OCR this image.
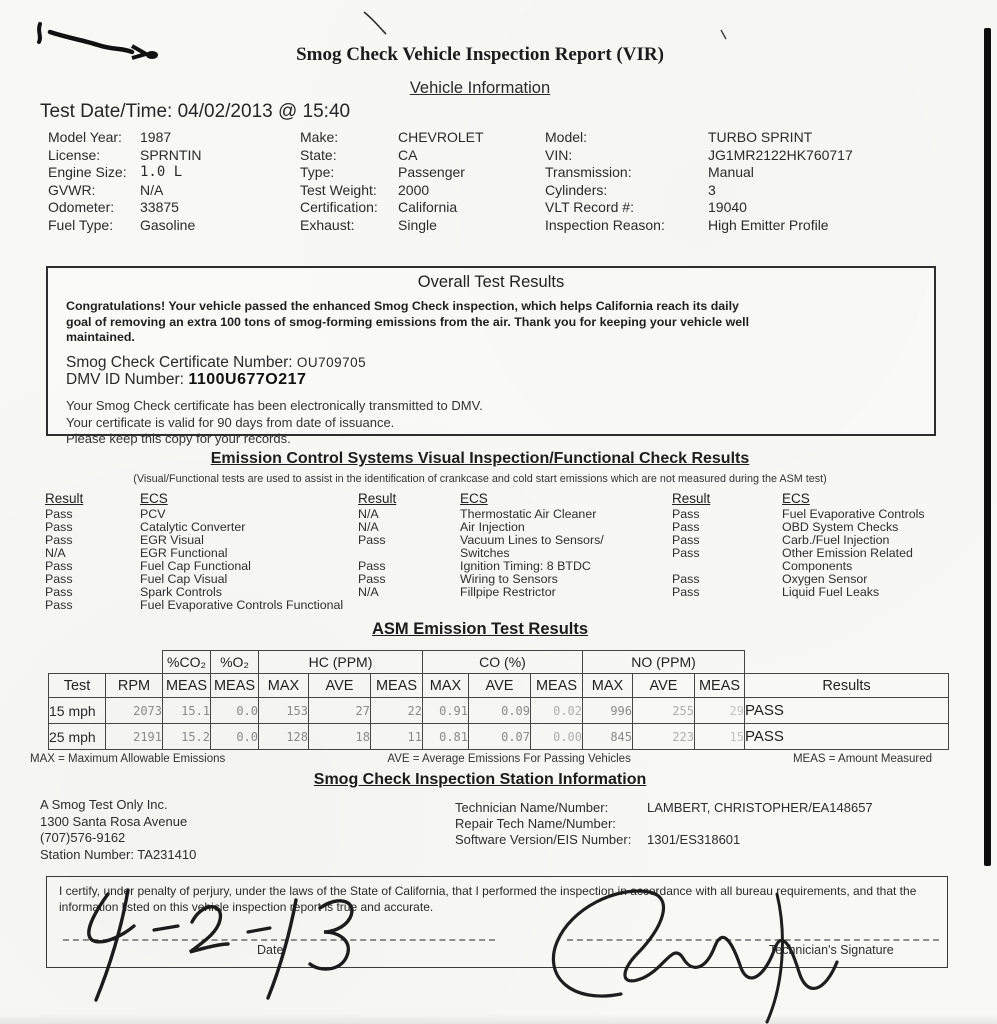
Smog Check Vehicle Inspection Report (VIR)
Vehicle Information
Test Date/Time: 04/02/2013 @ 15:40
Model Year:	1987
License:	SPRNTIN
Engine Size: 1.0 L
GVWR:	N/A
Odometer:	33875
Fuel Type:	Gasoline
Make:	CHEVROLET
State:	CA
Type:	Passenger
Test Weight:	2000
Certification:	California
Exhaust:	Single
Model:	TURBO SPRINT
VIN:	JG1MR2122HK760717
Transmission:	Manual
Cylinders:	3
VLT Record #:	19040
Inspection Reason:	High Emitter Profile
Overall Test Results
Congratulations! Your vehicle passed the enhanced Smog Check inspection, which helps California reach its daily goal of removing an extra 100 tons of smog-forming emissions from the air. Thank you for keeping your vehicle well maintained.
Smog Check Certificate Number: OU709705
DMV ID Number: 1100U677O217
Your Smog Check certificate has been electronically transmitted to DMV.
Your certificate is valid for 90 days from date of issuance.
Please keep this copy for your records.
Emission Control Systems Visual Inspection/Functional Check Results
(Visual/Functional tests are used to assist in the identification of crankcase and cold start emissions which are not measured during the ASM test)
Result	ECS
Pass	PCV
Pass	Catalytic Converter
Pass	EGR Visual
N/A	EGR Functional
Pass	Fuel Cap Functional
Pass	Fuel Cap Visual
Pass	Spark Controls
Pass	Fuel Evaporative Controls Functional
Result	ECS
N/A	Thermostatic Air Cleaner
N/A	Air Injection
Pass	Vacuum Lines to Sensors/ Switches
Pass	Ignition Timing: 8 BTDC
Pass	Wiring to Sensors
N/A	Fillpipe Restrictor
Result	ECS
Pass	Fuel Evaporative Controls
Pass	OBD System Checks
Pass	Carb./Fuel Injection
Pass	Other Emission Related Components
Pass	Oxygen Sensor
Pass	Liquid Fuel Leaks
ASM Emission Test Results
		%CO₂	%O₂	HC (PPM)			CO (%)			NO (PPM)			
Test	RPM	MEAS	MEAS	MAX	AVE	MEAS	MAX	AVE	MEAS	MAX	AVE	MEAS	Results
15 mph	2073	15.1	0.0	153	27	22	0.91	0.09	0.02	996	255	29	PASS
25 mph	2191	15.2	0.0	128	18	11	0.81	0.07	0.00	845	223	15	PASS
MAX = Maximum Allowable Emissions	AVE = Average Emissions For Passing Vehicles	MEAS = Amount Measured
Smog Check Inspection Station Information
A Smog Test Only Inc.
1300 Santa Rosa Avenue
(707)576-9162
Station Number: TA231410
Technician Name/Number:	LAMBERT, CHRISTOPHER/EA148657
Repair Tech Name/Number:
Software Version/EIS Number:	1301/ES318601
I certify, under penalty of perjury, under the laws of the State of California, that I performed the inspection in accordance with all bureau requirements, and that the information listed on this vehicle inspection report is true and accurate.
Date	Technician's Signature
